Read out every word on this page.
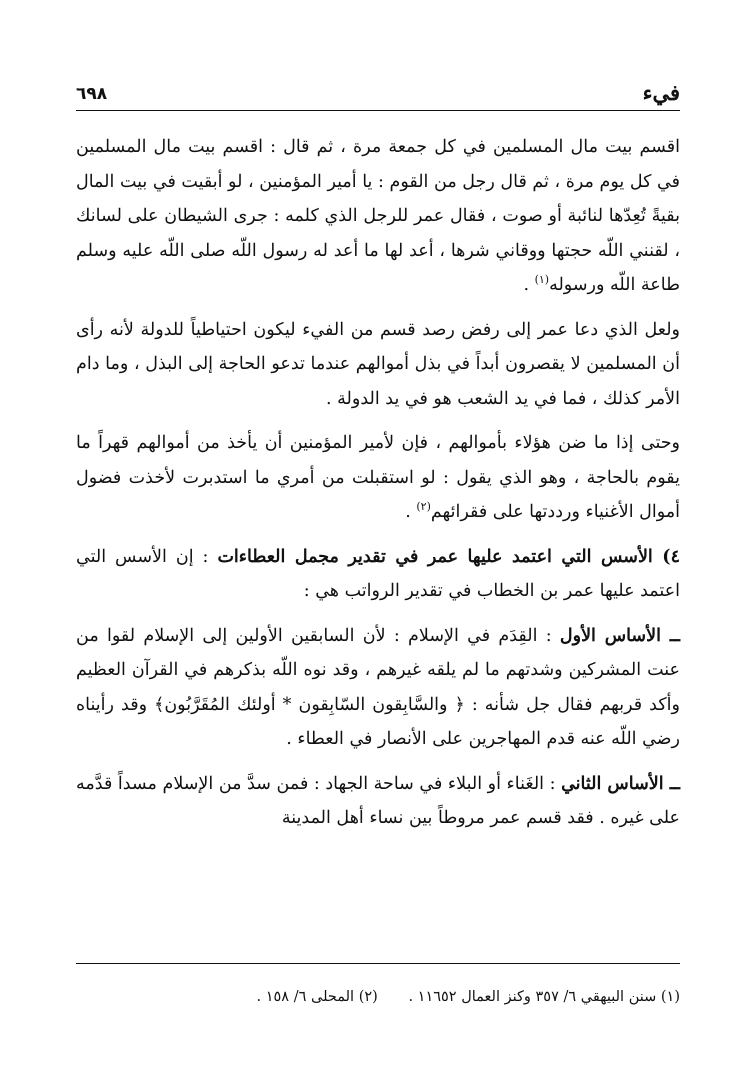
٦٩٨	فيء

اقسم بيت مال المسلمين في كل جمعة مرة ، ثم قال : اقسم بيت مال المسلمين في كل يوم مرة ، ثم قال رجل من القوم : يا أمير المؤمنين ، لو أبقيت في بيت المال بقيةً تُعِدّها لنائبة أو صوت ، فقال عمر للرجل الذي كلمه : جرى الشيطان على لسانك ، لقنني اللّه حجتها ووقاني شرها ، أعد لها ما أعد له رسول اللّه صلى اللّه عليه وسلم طاعة اللّه ورسوله$^{(١)}$ .

ولعل الذي دعا عمر إلى رفض رصد قسم من الفيء ليكون احتياطياً للدولة لأنه رأى أن المسلمين لا يقصرون أبداً في بذل أموالهم عندما تدعو الحاجة إلى البذل ، وما دام الأمر كذلك ، فما في يد الشعب هو في يد الدولة .

وحتى إذا ما ضن هؤلاء بأموالهم ، فإن لأمير المؤمنين أن يأخذ من أموالهم قهراً ما يقوم بالحاجة ، وهو الذي يقول : لو استقبلت من أمري ما استدبرت لأخذت فضول أموال الأغنياء ورددتها على فقرائهم$^{(٢)}$ .

٤) الأسس التي اعتمد عليها عمر في تقدير مجمل العطاءات : إن الأسس التي اعتمد عليها عمر بن الخطاب في تقدير الرواتب هي :

ــ الأساس الأول : القِدَم في الإسلام : لأن السابقين الأولين إلى الإسلام لقوا من عنت المشركين وشدتهم ما لم يلقه غيرهم ، وقد نوه اللّه بذكرهم في القرآن العظيم وأكد قربهم فقال جل شأنه : ﴿ والسَّابِقون السّابِقون * أولئك المُقَرَّبُون﴾ وقد رأيناه رضي اللّه عنه قدم المهاجرين على الأنصار في العطاء .

ــ الأساس الثاني : الغَناء أو البلاء في ساحة الجهاد : فمن سدَّ من الإسلام مسداً قدَّمه على غيره . فقد قسم عمر مروطاً بين نساء أهل المدينة

(١) سنن البيهقي ٦/ ٣٥٧ وكنز العمال ١١٦٥٢ . (٢) المحلى ٦/ ١٥٨ .
